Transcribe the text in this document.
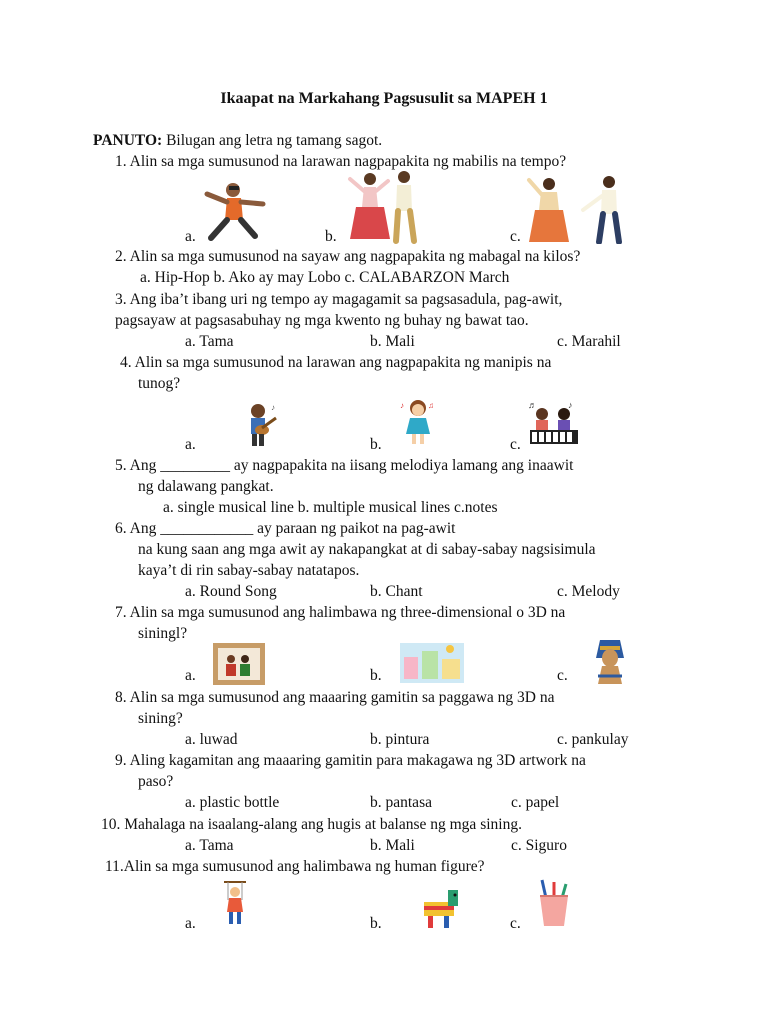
Ikaapat na Markahang Pagsusulit sa MAPEH 1
PANUTO: Bilugan ang letra ng tamang sagot.
1. Alin sa mga sumusunod na larawan nagpapakita ng mabilis na tempo?
a.	b.	c.
2. Alin sa mga sumusunod na sayaw ang nagpapakita ng mabagal na kilos?
a. Hip-Hop b. Ako ay may Lobo c. CALABARZON March
3. Ang iba’t ibang uri ng tempo ay magagamit sa pagsasadula, pag-awit,
pagsayaw at pagsasabuhay ng mga kwento ng buhay ng bawat tao.
a. Tama	b. Mali	c. Marahil
4. Alin sa mga sumusunod na larawan ang nagpapakita ng manipis na
tunog?
♪	♪	♫	♬	♪
a.	b.	c.
5. Ang _________ ay nagpapakita na iisang melodiya lamang ang inaawit
ng dalawang pangkat.
a. single musical line b. multiple musical lines c.notes
6. Ang ____________ ay paraan ng paikot na pag-awit
na kung saan ang mga awit ay nakapangkat at di sabay-sabay nagsisimula
kaya’t di rin sabay-sabay natatapos.
a. Round Song	b. Chant	c. Melody
7. Alin sa mga sumusunod ang halimbawa ng three-dimensional o 3D na
siningl?
a.	b.	c.
8. Alin sa mga sumusunod ang maaaring gamitin sa paggawa ng 3D na
sining?
a. luwad	b. pintura	c. pankulay
9. Aling kagamitan ang maaaring gamitin para makagawa ng 3D artwork na
paso?
a. plastic bottle	b. pantasa	c. papel
10. Mahalaga na isaalang-alang ang hugis at balanse ng mga sining.
a. Tama	b. Mali	c. Siguro
11.Alin sa mga sumusunod ang halimbawa ng human figure?
a.	b.	c.
